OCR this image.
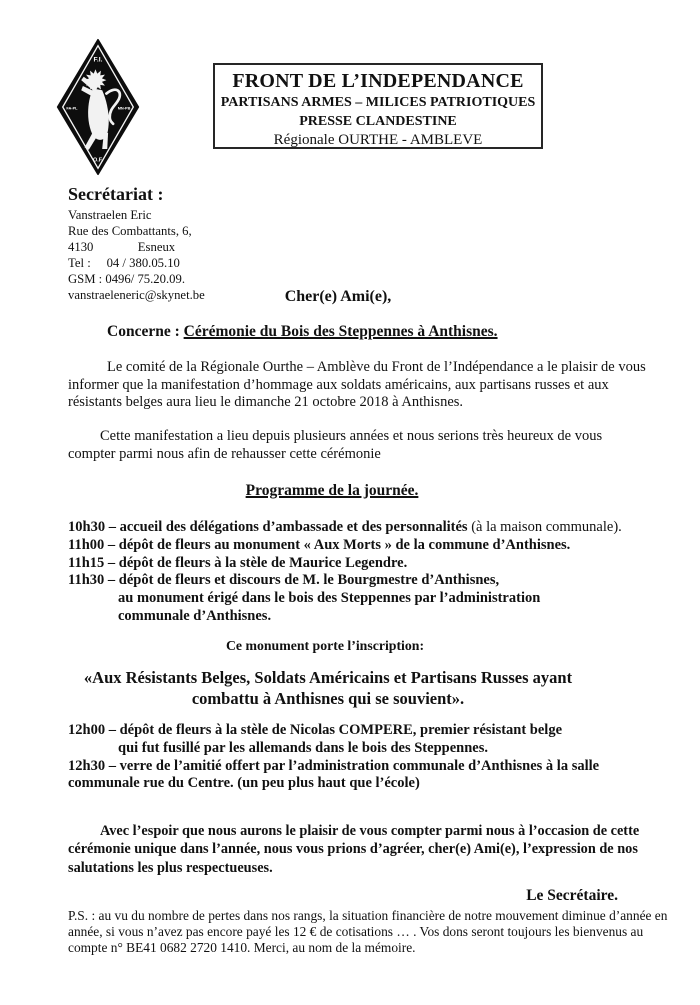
F.I.
FA-PL	MN-PB
O.F.
FRONT DE L’INDEPENDANCE
PARTISANS ARMES – MILICES PATRIOTIQUES
PRESSE CLANDESTINE
Régionale OURTHE - AMBLEVE
Secrétariat :
Vanstraelen Eric
Rue des Combattants, 6,
4130              Esneux
Tel :     04 / 380.05.10
GSM : 0496/ 75.20.09.
vanstraeleneric@skynet.be	Cher(e) Ami(e),
Concerne : Cérémonie du Bois des Steppennes à Anthisnes.
Le comité de la Régionale Ourthe – Amblève du Front de l’Indépendance a le plaisir de vous informer que la manifestation d’hommage aux soldats américains, aux partisans russes et aux résistants belges aura lieu le dimanche 21 octobre 2018 à Anthisnes.
Cette manifestation a lieu depuis plusieurs années et nous serions très heureux de vous compter parmi nous afin de rehausser cette cérémonie
Programme de la journée.
10h30 – accueil des délégations d’ambassade et des personnalités (à la maison communale).
11h00 – dépôt de fleurs au monument « Aux Morts » de la commune d’Anthisnes.
11h15 – dépôt de fleurs à la stèle de Maurice Legendre.
11h30 – dépôt de fleurs et discours de M. le Bourgmestre d’Anthisnes,
au monument érigé dans le bois des Steppennes par l’administration
communale d’Anthisnes.
Ce monument porte l’inscription:
«Aux Résistants Belges, Soldats Américains et Partisans Russes ayant
combattu à Anthisnes qui se souvient».
12h00 – dépôt de fleurs à la stèle de Nicolas COMPERE, premier résistant belge
qui fut fusillé par les allemands dans le bois des Steppennes.
12h30 – verre de l’amitié offert par l’administration communale d’Anthisnes à la salle
communale rue du Centre. (un peu plus haut que l’école)
Avec l’espoir que nous aurons le plaisir de vous compter parmi nous à l’occasion de cette cérémonie unique dans l’année, nous vous prions d’agréer, cher(e) Ami(e), l’expression de nos salutations les plus respectueuses.
Le Secrétaire.
P.S. : au vu du nombre de pertes dans nos rangs, la situation financière de notre mouvement diminue d’année en année, si vous n’avez pas encore payé les 12 € de cotisations … . Vos dons seront toujours les bienvenus au compte n° BE41 0682 2720 1410. Merci, au nom de la mémoire.
